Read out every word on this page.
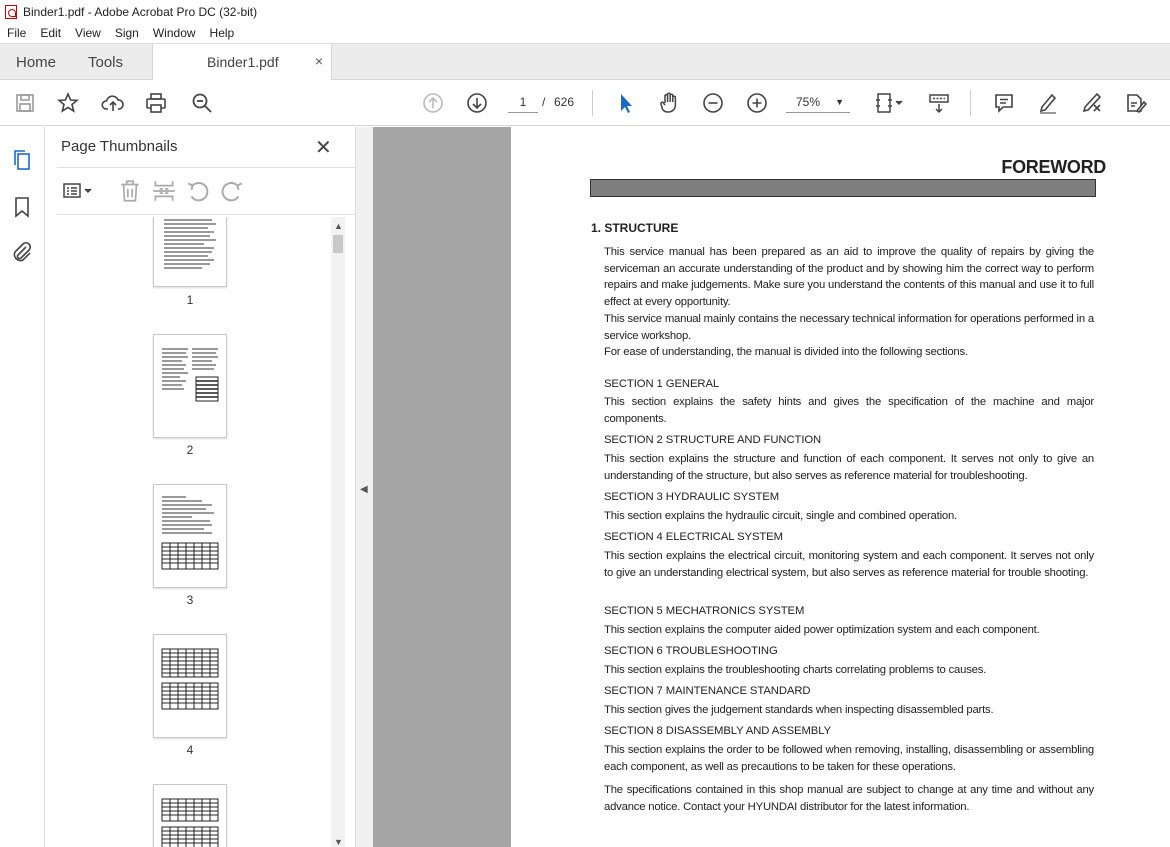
Binder1.pdf - Adobe Acrobat Pro DC (32-bit)
File	Edit	View	Sign	Window	Help
Home Tools	Binder1.pdf	×
1	/ 626	75% ▼
Page Thumbnails	✕
1
2
3
4
▲
▼
◀
FOREWORD
1. STRUCTURE
This service manual has been prepared as an aid to improve the quality of repairs by giving the serviceman an accurate understanding of the product and by showing him the correct way to perform repairs and make judgements. Make sure you understand the contents of this manual and use it to full effect at every opportunity.
This service manual mainly contains the necessary technical information for operations performed in a service workshop.
For ease of understanding, the manual is divided into the following sections.
SECTION 1 GENERAL
This section explains the safety hints and gives the specification of the machine and major components.
SECTION 2 STRUCTURE AND FUNCTION
This section explains the structure and function of each component. It serves not only to give an understanding of the structure, but also serves as reference material for troubleshooting.
SECTION 3 HYDRAULIC SYSTEM
This section explains the hydraulic circuit, single and combined operation.
SECTION 4 ELECTRICAL SYSTEM
This section explains the electrical circuit, monitoring system and each component. It serves not only to give an understanding electrical system, but also serves as reference material for trouble shooting.
SECTION 5 MECHATRONICS SYSTEM
This section explains the computer aided power optimization system and each component.
SECTION 6 TROUBLESHOOTING
This section explains the troubleshooting charts correlating problems to causes.
SECTION 7 MAINTENANCE STANDARD
This section gives the judgement standards when inspecting disassembled parts.
SECTION 8 DISASSEMBLY AND ASSEMBLY
This section explains the order to be followed when removing, installing, disassembling or assembling each component, as well as precautions to be taken for these operations.
The specifications contained in this shop manual are subject to change at any time and without any advance notice. Contact your HYUNDAI distributor for the latest information.
